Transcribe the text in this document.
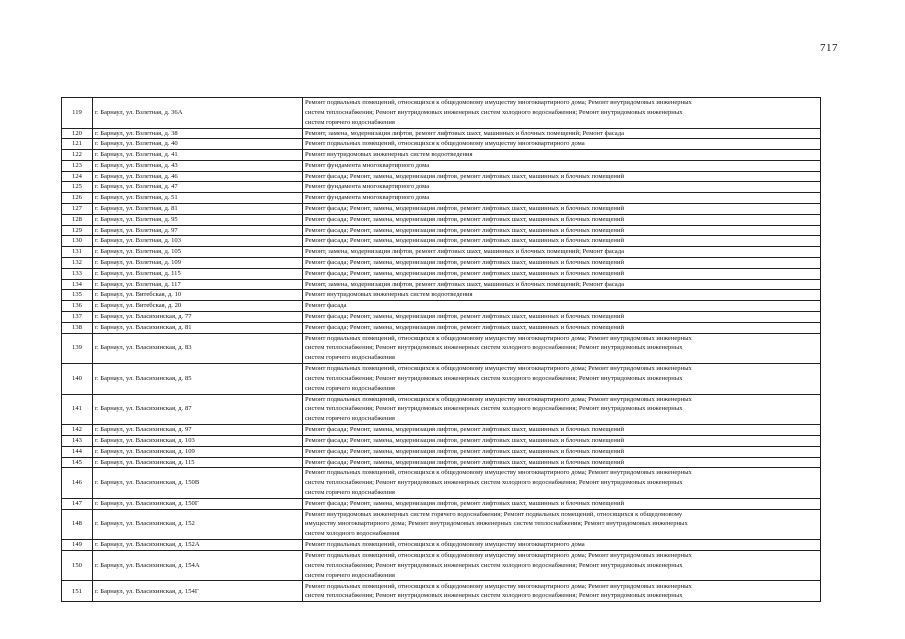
717
119	г. Барнаул, ул. Взлетная, д. 36А	Ремонт подвальных помещений, относящихся к общедомовому имуществу многоквартирного дома; Ремонт внутридомовых инженерных
систем теплоснабжения; Ремонт внутридомовых инженерных систем холодного водоснабжения; Ремонт внутридомовых инженерных
систем горячего водоснабжения
120	г. Барнаул, ул. Взлетная, д. 38	Ремонт, замена, модернизация лифтов, ремонт лифтовых шахт, машинных и блочных помещений; Ремонт фасада
121	г. Барнаул, ул. Взлетная, д. 40	Ремонт подвальных помещений, относящихся к общедомовому имуществу многоквартирного дома
122	г. Барнаул, ул. Взлетная, д. 41	Ремонт внутридомовых инженерных систем водоотведения
123	г. Барнаул, ул. Взлетная, д. 43	Ремонт фундамента многоквартирного дома
124	г. Барнаул, ул. Взлетная, д. 46	Ремонт фасада; Ремонт, замена, модернизация лифтов, ремонт лифтовых шахт, машинных и блочных помещений
125	г. Барнаул, ул. Взлетная, д. 47	Ремонт фундамента многоквартирного дома
126	г. Барнаул, ул. Взлетная, д. 51	Ремонт фундамента многоквартирного дома
127	г. Барнаул, ул. Взлетная, д. 81	Ремонт фасада; Ремонт, замена, модернизация лифтов, ремонт лифтовых шахт, машинных и блочных помещений
128	г. Барнаул, ул. Взлетная, д. 95	Ремонт фасада; Ремонт, замена, модернизация лифтов, ремонт лифтовых шахт, машинных и блочных помещений
129	г. Барнаул, ул. Взлетная, д. 97	Ремонт фасада; Ремонт, замена, модернизация лифтов, ремонт лифтовых шахт, машинных и блочных помещений
130	г. Барнаул, ул. Взлетная, д. 103	Ремонт фасада; Ремонт, замена, модернизация лифтов, ремонт лифтовых шахт, машинных и блочных помещений
131	г. Барнаул, ул. Взлетная, д. 105	Ремонт, замена, модернизация лифтов, ремонт лифтовых шахт, машинных и блочных помещений; Ремонт фасада
132	г. Барнаул, ул. Взлетная, д. 109	Ремонт фасада; Ремонт, замена, модернизация лифтов, ремонт лифтовых шахт, машинных и блочных помещений
133	г. Барнаул, ул. Взлетная, д. 115	Ремонт фасада; Ремонт, замена, модернизация лифтов, ремонт лифтовых шахт, машинных и блочных помещений
134	г. Барнаул, ул. Взлетная, д. 117	Ремонт, замена, модернизация лифтов, ремонт лифтовых шахт, машинных и блочных помещений; Ремонт фасада
135	г. Барнаул, ул. Витебская, д. 10	Ремонт внутридомовых инженерных систем водоотведения
136	г. Барнаул, ул. Витебская, д. 20	Ремонт фасада
137	г. Барнаул, ул. Власихинская, д. 77	Ремонт фасада; Ремонт, замена, модернизация лифтов, ремонт лифтовых шахт, машинных и блочных помещений
138	г. Барнаул, ул. Власихинская, д. 81	Ремонт фасада; Ремонт, замена, модернизация лифтов, ремонт лифтовых шахт, машинных и блочных помещений
139	г. Барнаул, ул. Власихинская, д. 83	Ремонт подвальных помещений, относящихся к общедомовому имуществу многоквартирного дома; Ремонт внутридомовых инженерных
систем теплоснабжения; Ремонт внутридомовых инженерных систем холодного водоснабжения; Ремонт внутридомовых инженерных
систем горячего водоснабжения
140	г. Барнаул, ул. Власихинская, д. 85	Ремонт подвальных помещений, относящихся к общедомовому имуществу многоквартирного дома; Ремонт внутридомовых инженерных
систем теплоснабжения; Ремонт внутридомовых инженерных систем холодного водоснабжения; Ремонт внутридомовых инженерных
систем горячего водоснабжения
141	г. Барнаул, ул. Власихинская, д. 87	Ремонт подвальных помещений, относящихся к общедомовому имуществу многоквартирного дома; Ремонт внутридомовых инженерных
систем теплоснабжения; Ремонт внутридомовых инженерных систем холодного водоснабжения; Ремонт внутридомовых инженерных
систем горячего водоснабжения
142	г. Барнаул, ул. Власихинская, д. 97	Ремонт фасада; Ремонт, замена, модернизация лифтов, ремонт лифтовых шахт, машинных и блочных помещений
143	г. Барнаул, ул. Власихинская, д. 103	Ремонт фасада; Ремонт, замена, модернизация лифтов, ремонт лифтовых шахт, машинных и блочных помещений
144	г. Барнаул, ул. Власихинская, д. 109	Ремонт фасада; Ремонт, замена, модернизация лифтов, ремонт лифтовых шахт, машинных и блочных помещений
145	г. Барнаул, ул. Власихинская, д. 115	Ремонт фасада; Ремонт, замена, модернизация лифтов, ремонт лифтовых шахт, машинных и блочных помещений
146	г. Барнаул, ул. Власихинская, д. 150В	Ремонт подвальных помещений, относящихся к общедомовому имуществу многоквартирного дома; Ремонт внутридомовых инженерных
систем теплоснабжения; Ремонт внутридомовых инженерных систем холодного водоснабжения; Ремонт внутридомовых инженерных
систем горячего водоснабжения
147	г. Барнаул, ул. Власихинская, д. 150Г	Ремонт фасада; Ремонт, замена, модернизация лифтов, ремонт лифтовых шахт, машинных и блочных помещений
148	г. Барнаул, ул. Власихинская, д. 152	Ремонт внутридомовых инженерных систем горячего водоснабжения; Ремонт подвальных помещений, относящихся к общедомовому
имуществу многоквартирного дома; Ремонт внутридомовых инженерных систем теплоснабжения; Ремонт внутридомовых инженерных
систем холодного водоснабжения
149	г. Барнаул, ул. Власихинская, д. 152А	Ремонт подвальных помещений, относящихся к общедомовому имуществу многоквартирного дома
150	г. Барнаул, ул. Власихинская, д. 154А	Ремонт подвальных помещений, относящихся к общедомовому имуществу многоквартирного дома; Ремонт внутридомовых инженерных
систем теплоснабжения; Ремонт внутридомовых инженерных систем холодного водоснабжения; Ремонт внутридомовых инженерных
систем горячего водоснабжения
151	г. Барнаул, ул. Власихинская, д. 154Г	Ремонт подвальных помещений, относящихся к общедомовому имуществу многоквартирного дома; Ремонт внутридомовых инженерных
систем теплоснабжения; Ремонт внутридомовых инженерных систем холодного водоснабжения; Ремонт внутридомовых инженерных
